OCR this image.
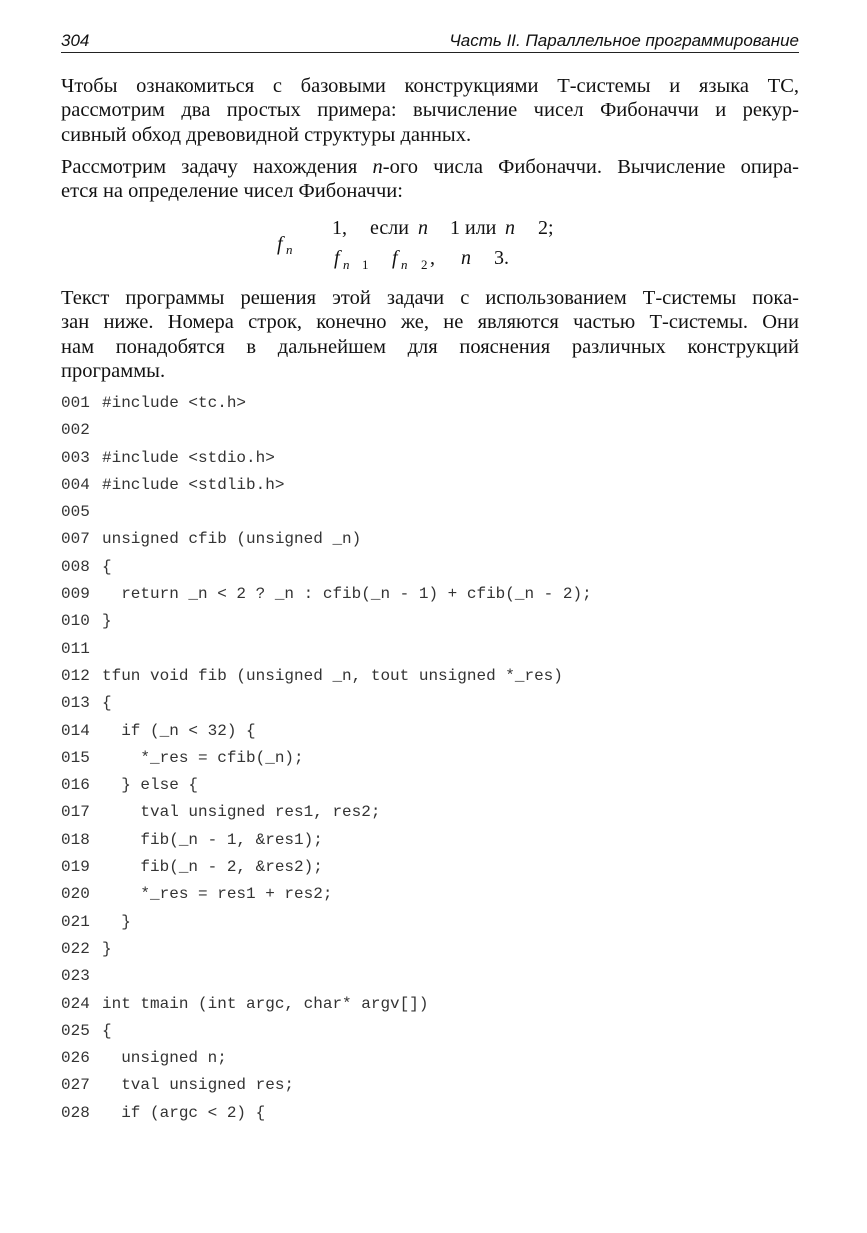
304	Часть II. Параллельное программирование
Чтобы ознакомиться с базовыми конструкциями Т-системы и языка ТС,
рассмотрим два простых примера: вычисление чисел Фибоначчи и рекур-
сивный обход древовидной структуры данных.
Рассмотрим задачу нахождения n-ого числа Фибоначчи. Вычисление опира-
ется на определение чисел Фибоначчи:
f n
1, если n 1 или n 2;
f n 1 f n 2 , n 3.
Текст программы решения этой задачи с использованием Т-системы пока-
зан ниже. Номера строк, конечно же, не являются частью Т-системы. Они
нам понадобятся в дальнейшем для пояснения различных конструкций
программы.
001 #include <tc.h>
002
003 #include <stdio.h>
004 #include <stdlib.h>
005
007 unsigned cfib (unsigned _n)
008 {
009  return _n < 2 ? _n : cfib(_n - 1) + cfib(_n - 2);
010 }
011
012 tfun void fib (unsigned _n, tout unsigned *_res)
013 {
014  if (_n < 32) {
015    *_res = cfib(_n);
016  } else {
017    tval unsigned res1, res2;
018    fib(_n - 1, &res1);
019    fib(_n - 2, &res2);
020    *_res = res1 + res2;
021  }
022 }
023
024 int tmain (int argc, char* argv[])
025 {
026  unsigned n;
027  tval unsigned res;
028  if (argc < 2) {
